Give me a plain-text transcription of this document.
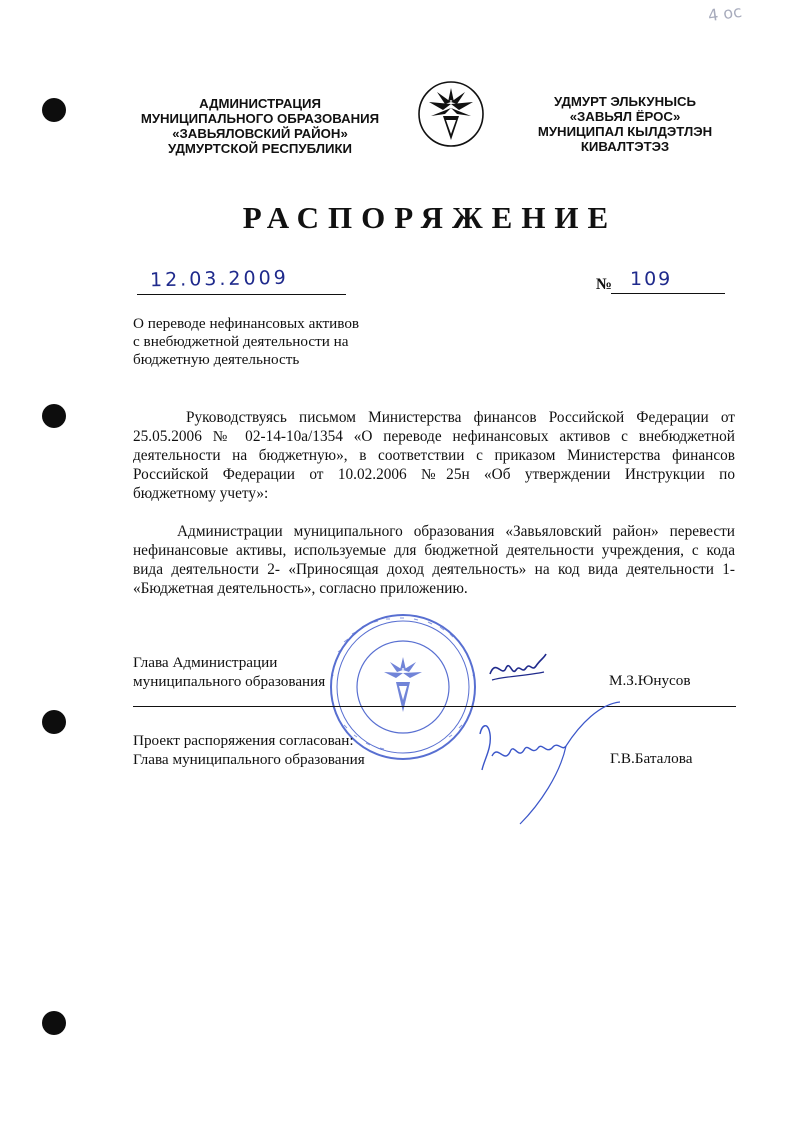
4 ос
АДМИНИСТРАЦИЯ
МУНИЦИПАЛЬНОГО ОБРАЗОВАНИЯ
«ЗАВЬЯЛОВСКИЙ РАЙОН»
УДМУРТСКОЙ РЕСПУБЛИКИ
УДМУРТ ЭЛЬКУНЫСЬ
«ЗАВЬЯЛ ЁРОС»
МУНИЦИПАЛ КЫЛДЭТЛЭН
КИВАЛТЭТЭЗ
РАСПОРЯЖЕНИЕ
12.03.2009	№ 109
О переводе нефинансовых активов
с внебюджетной деятельности на
бюджетную деятельность
Руководствуясь письмом Министерства финансов Российской Федерации от
25.05.2006 № 02-14-10а/1354 «О переводе нефинансовых активов с внебюджетной
деятельности на бюджетную», в соответствии с приказом Министерства финансов
Российской Федерации от 10.02.2006 №25н «Об утверждении Инструкции по
бюджетному учету»:
Администрации муниципального образования «Завьяловский район» перевести
нефинансовые активы, используемые для бюджетной деятельности учреждения, с кода
вида деятельности 2- «Приносящая доход деятельность» на код вида деятельности 1-
«Бюджетная деятельность», согласно приложению.
Глава Администрации
муниципального образования	М.З.Юнусов
Проект распоряжения согласован:
Глава муниципального образования	Г.В.Баталова
